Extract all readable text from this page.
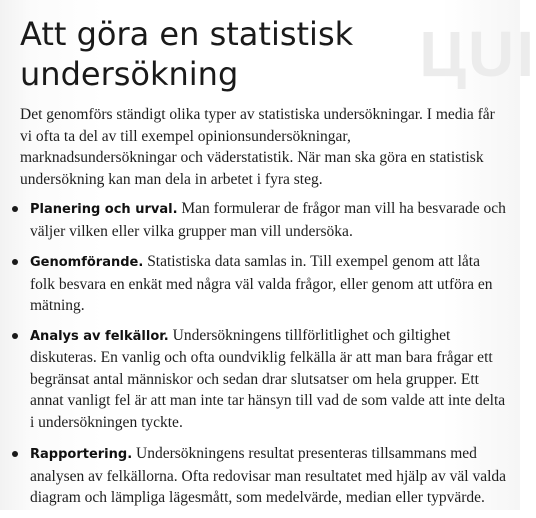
ЦUI
Att göra en statistisk undersökning

Det genomförs ständigt olika typer av statistiska undersökningar. I media får vi ofta ta del av till exempel opinionsundersökningar, marknadsundersökningar och väderstatistik. När man ska göra en statistisk undersökning kan man dela in arbetet i fyra steg.

Planering och urval. Man formulerar de frågor man vill ha besvarade och väljer vilken eller vilka grupper man vill undersöka.
Genomförande. Statistiska data samlas in. Till exempel genom att låta folk besvara en enkät med några väl valda frågor, eller genom att utföra en mätning.
Analys av felkällor. Undersökningens tillförlitlighet och giltighet diskuteras. En vanlig och ofta oundviklig felkälla är att man bara frågar ett begränsat antal människor och sedan drar slutsatser om hela grupper. Ett annat vanligt fel är att man inte tar hänsyn till vad de som valde att inte delta i undersökningen tyckte.
Rapportering. Undersökningens resultat presenteras tillsammans med analysen av felkällorna. Ofta redovisar man resultatet med hjälp av väl valda diagram och lämpliga lägesmått, som medelvärde, median eller typvärde.
